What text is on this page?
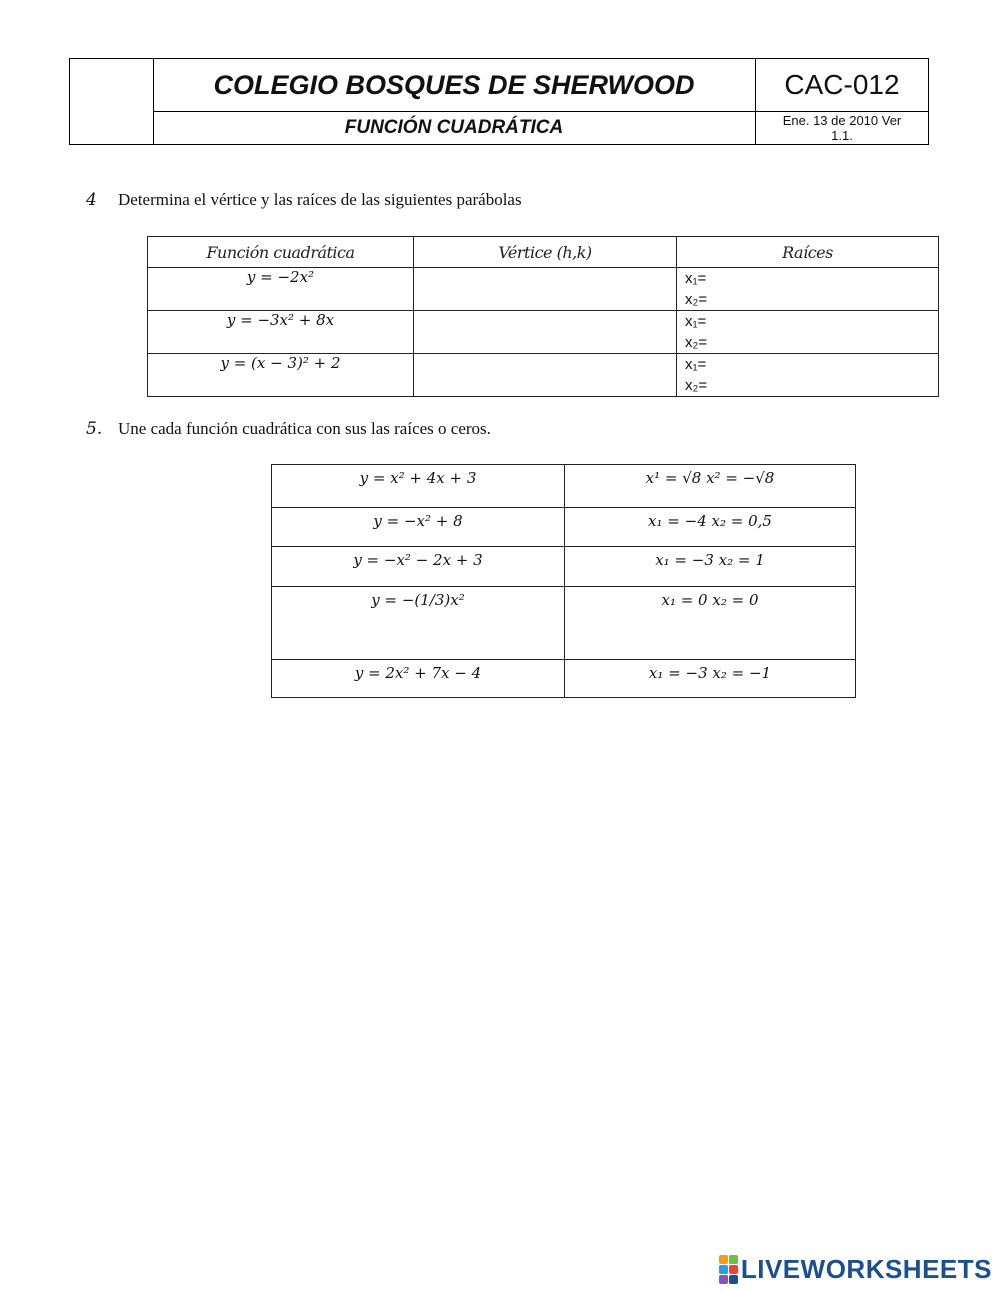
COLEGIO BOSQUES DE SHERWOOD
FUNCIÓN CUADRÁTICA
CAC-012
Ene. 13 de 2010 Ver
1.1.
4 Determina el vértice y las raíces de las siguientes parábolas
Función cuadrática	Vértice (h,k)	Raíces
y = −2x²		x₁=
x₂=

y = −3x² + 8x		x₁=
x₂=

y = (x − 3)² + 2		x₁=
x₂=
5. Une cada función cuadrática con sus las raíces o ceros.
y = x² + 4x + 3	x¹ = √8 x² = −√8
y = −x² + 8	x₁ = −4 x₂ = 0,5
y = −x² − 2x + 3	x₁ = −3 x₂ = 1
y = −(1/3)x²	x₁ = 0 x₂ = 0
y = 2x² + 7x − 4	x₁ = −3 x₂ = −1
LIVEWORKSHEETS
